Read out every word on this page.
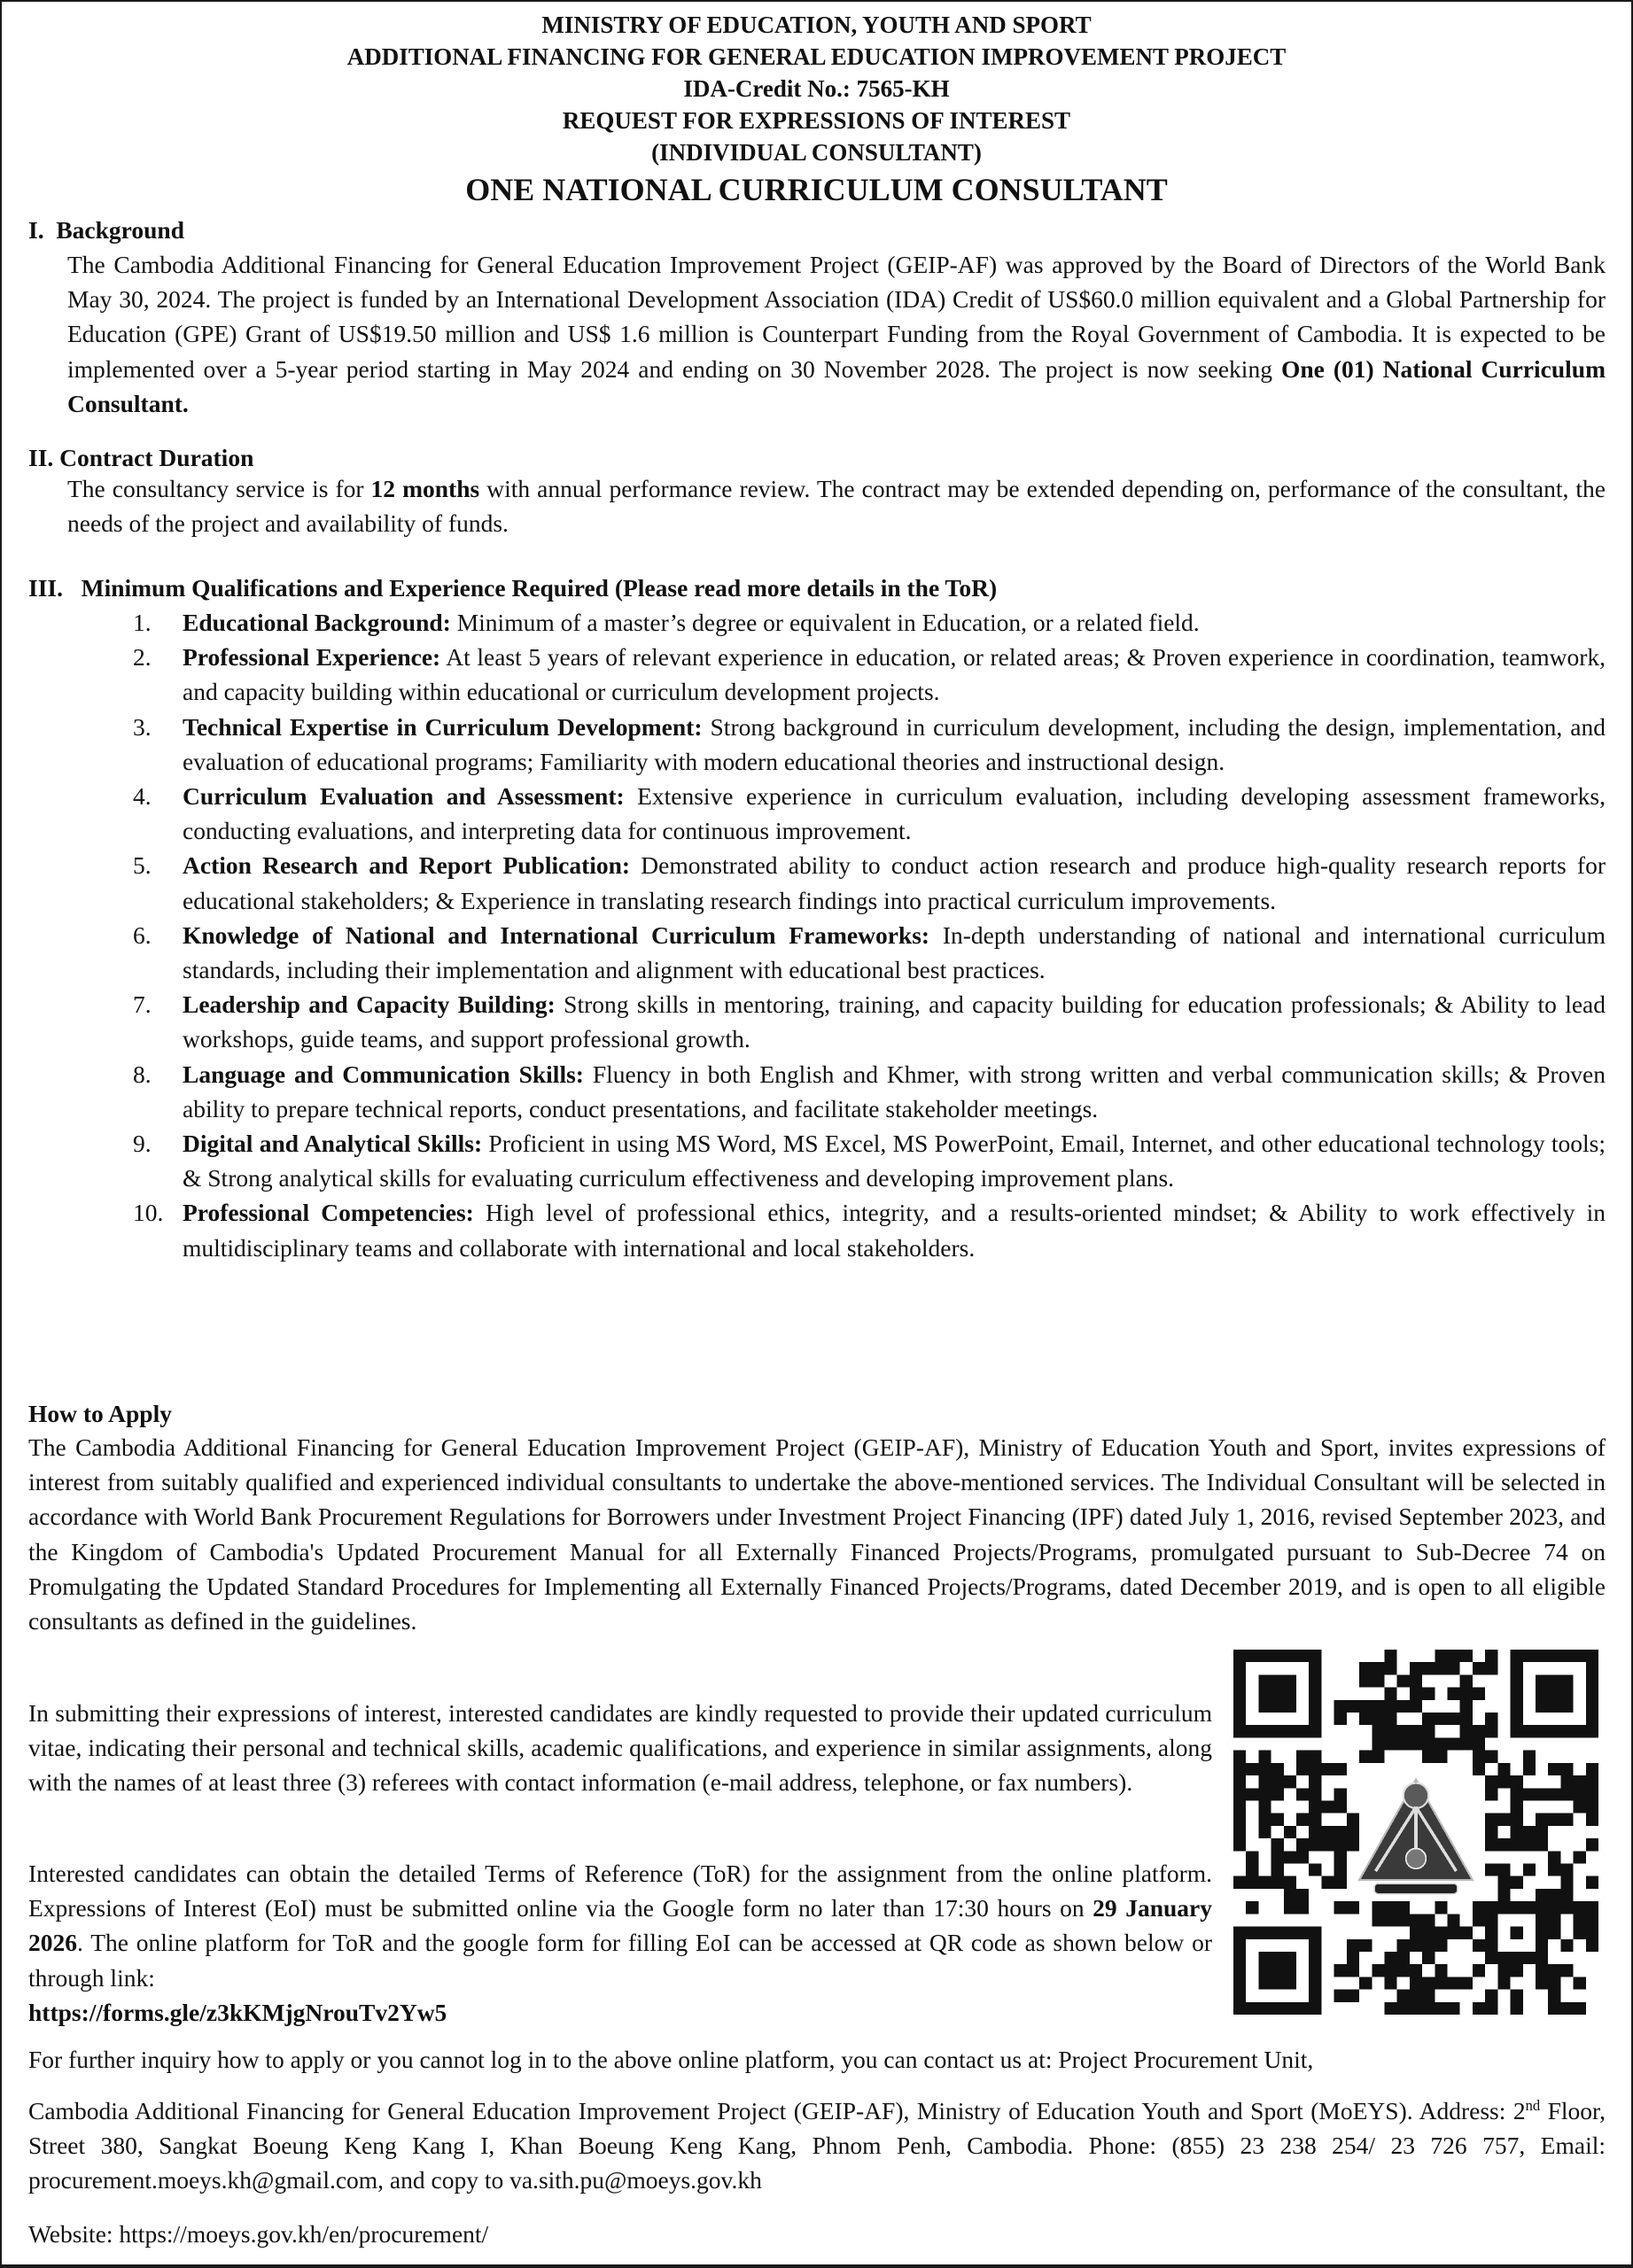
MINISTRY OF EDUCATION, YOUTH AND SPORT
ADDITIONAL FINANCING FOR GENERAL EDUCATION IMPROVEMENT PROJECT
IDA-Credit No.: 7565-KH
REQUEST FOR EXPRESSIONS OF INTEREST
(INDIVIDUAL CONSULTANT)
ONE NATIONAL CURRICULUM CONSULTANT
I. Background
The Cambodia Additional Financing for General Education Improvement Project (GEIP-AF) was approved by the Board of Directors of the World Bank May 30, 2024. The project is funded by an International Development Association (IDA) Credit of US$60.0 million equivalent and a Global Partnership for Education (GPE) Grant of US$19.50 million and US$ 1.6 million is Counterpart Funding from the Royal Government of Cambodia. It is expected to be implemented over a 5-year period starting in May 2024 and ending on 30 November 2028. The project is now seeking One (01) National Curriculum Consultant.
II. Contract Duration
The consultancy service is for 12 months with annual performance review. The contract may be extended depending on, performance of the consultant, the needs of the project and availability of funds.
III. Minimum Qualifications and Experience Required (Please read more details in the ToR)
1. Educational Background: Minimum of a master’s degree or equivalent in Education, or a related field.
2. Professional Experience: At least 5 years of relevant experience in education, or related areas; & Proven experience in coordination, teamwork, and capacity building within educational or curriculum development projects.
3. Technical Expertise in Curriculum Development: Strong background in curriculum development, including the design, implementation, and evaluation of educational programs; Familiarity with modern educational theories and instructional design.
4. Curriculum Evaluation and Assessment: Extensive experience in curriculum evaluation, including developing assessment frameworks, conducting evaluations, and interpreting data for continuous improvement.
5. Action Research and Report Publication: Demonstrated ability to conduct action research and produce high-quality research reports for educational stakeholders; & Experience in translating research findings into practical curriculum improvements.
6. Knowledge of National and International Curriculum Frameworks: In-depth understanding of national and international curriculum standards, including their implementation and alignment with educational best practices.
7. Leadership and Capacity Building: Strong skills in mentoring, training, and capacity building for education professionals; & Ability to lead workshops, guide teams, and support professional growth.
8. Language and Communication Skills: Fluency in both English and Khmer, with strong written and verbal communication skills; & Proven ability to prepare technical reports, conduct presentations, and facilitate stakeholder meetings.
9. Digital and Analytical Skills: Proficient in using MS Word, MS Excel, MS PowerPoint, Email, Internet, and other educational technology tools; & Strong analytical skills for evaluating curriculum effectiveness and developing improvement plans.
10. Professional Competencies: High level of professional ethics, integrity, and a results-oriented mindset; & Ability to work effectively in multidisciplinary teams and collaborate with international and local stakeholders.
How to Apply
The Cambodia Additional Financing for General Education Improvement Project (GEIP-AF), Ministry of Education Youth and Sport, invites expressions of interest from suitably qualified and experienced individual consultants to undertake the above-mentioned services. The Individual Consultant will be selected in accordance with World Bank Procurement Regulations for Borrowers under Investment Project Financing (IPF) dated July 1, 2016, revised September 2023, and the Kingdom of Cambodia's Updated Procurement Manual for all Externally Financed Projects/Programs, promulgated pursuant to Sub-Decree 74 on Promulgating the Updated Standard Procedures for Implementing all Externally Financed Projects/Programs, dated December 2019, and is open to all eligible consultants as defined in the guidelines.
In submitting their expressions of interest, interested candidates are kindly requested to provide their updated curriculum vitae, indicating their personal and technical skills, academic qualifications, and experience in similar assignments, along with the names of at least three (3) referees with contact information (e-mail address, telephone, or fax numbers).
Interested candidates can obtain the detailed Terms of Reference (ToR) for the assignment from the online platform. Expressions of Interest (EoI) must be submitted online via the Google form no later than 17:30 hours on 29 January 2026. The online platform for ToR and the google form for filling EoI can be accessed at QR code as shown below or through link:
https://forms.gle/z3kKMjgNrouTv2Yw5
For further inquiry how to apply or you cannot log in to the above online platform, you can contact us at: Project Procurement Unit,
Cambodia Additional Financing for General Education Improvement Project (GEIP-AF), Ministry of Education Youth and Sport (MoEYS). Address: 2nd Floor, Street 380, Sangkat Boeung Keng Kang I, Khan Boeung Keng Kang, Phnom Penh, Cambodia. Phone: (855) 23 238 254/ 23 726 757, Email: procurement.moeys.kh@gmail.com, and copy to va.sith.pu@moeys.gov.kh
Website: https://moeys.gov.kh/en/procurement/
